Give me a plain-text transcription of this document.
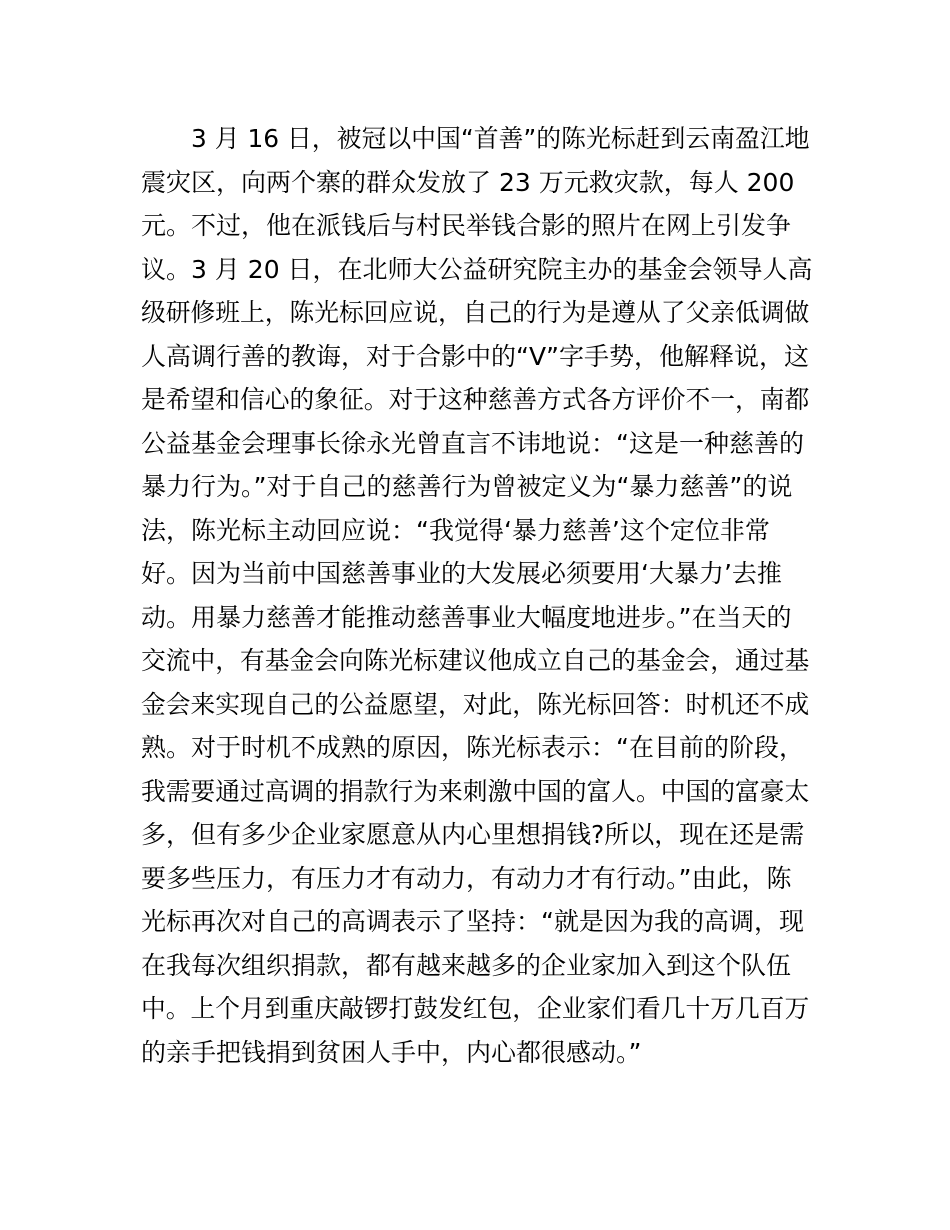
3 月 16 日，被冠以中国“首善”的陈光标赶到云南盈江地
震灾区，向两个寨的群众发放了 23 万元救灾款，每人 200
元。不过，他在派钱后与村民举钱合影的照片在网上引发争
议。3 月 20 日，在北师大公益研究院主办的基金会领导人高
级研修班上，陈光标回应说，自己的行为是遵从了父亲低调做
人高调行善的教诲，对于合影中的“V”字手势，他解释说，这
是希望和信心的象征。对于这种慈善方式各方评价不一，南都
公益基金会理事长徐永光曾直言不讳地说：“这是一种慈善的
暴力行为。”对于自己的慈善行为曾被定义为“暴力慈善”的说
法，陈光标主动回应说：“我觉得‘暴力慈善’这个定位非常
好。因为当前中国慈善事业的大发展必须要用‘大暴力’去推
动。用暴力慈善才能推动慈善事业大幅度地进步。”在当天的
交流中，有基金会向陈光标建议他成立自己的基金会，通过基
金会来实现自己的公益愿望，对此，陈光标回答：时机还不成
熟。对于时机不成熟的原因，陈光标表示：“在目前的阶段，
我需要通过高调的捐款行为来刺激中国的富人。中国的富豪太
多，但有多少企业家愿意从内心里想捐钱?所以，现在还是需
要多些压力，有压力才有动力，有动力才有行动。”由此，陈
光标再次对自己的高调表示了坚持：“就是因为我的高调，现
在我每次组织捐款，都有越来越多的企业家加入到这个队伍
中。上个月到重庆敲锣打鼓发红包，企业家们看几十万几百万
的亲手把钱捐到贫困人手中，内心都很感动。”
